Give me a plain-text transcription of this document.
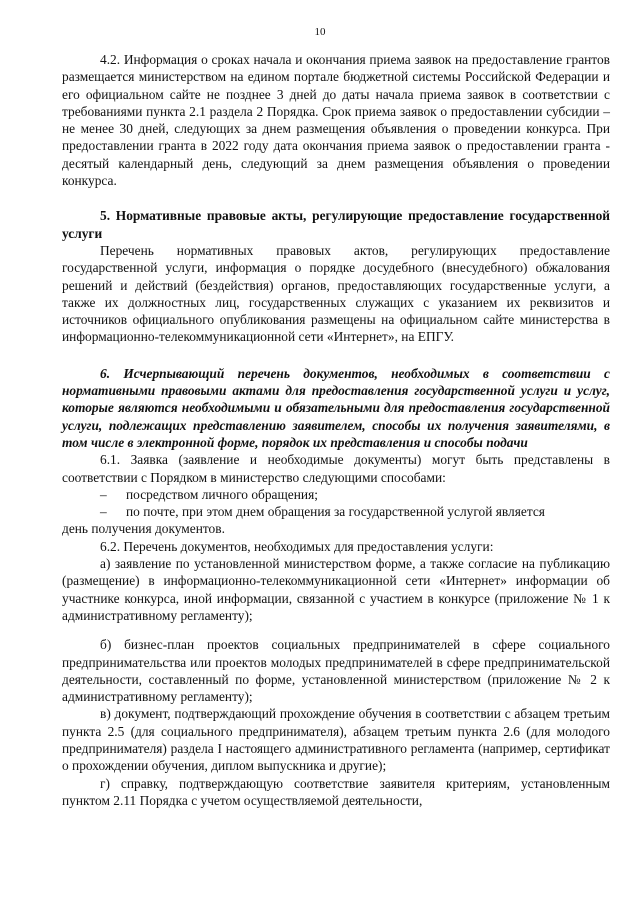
10

4.2. Информация о сроках начала и окончания приема заявок на предоставление грантов размещается министерством на едином портале бюджетной системы Российской Федерации и его официальном сайте не позднее 3 дней до даты начала приема заявок в соответствии с требованиями пункта 2.1 раздела 2 Порядка. Срок приема заявок о предоставлении субсидии – не менее 30 дней, следующих за днем размещения объявления о проведении конкурса. При предоставлении гранта в 2022 году дата окончания приема заявок о предоставлении гранта - десятый календарный день, следующий за днем размещения объявления о проведении конкурса.

5. Нормативные правовые акты, регулирующие предоставление государственной услуги

Перечень нормативных правовых актов, регулирующих предоставление государственной услуги, информация о порядке досудебного (внесудебного) обжалования решений и действий (бездействия) органов, предоставляющих государственные услуги, а также их должностных лиц, государственных служащих с указанием их реквизитов и источников официального опубликования размещены на официальном сайте министерства в информационно-телекоммуникационной сети «Интернет», на ЕПГУ.

6. Исчерпывающий перечень документов, необходимых в соответствии с нормативными правовыми актами для предоставления государственной услуги и услуг, которые являются необходимыми и обязательными для предоставления государственной услуги, подлежащих представлению заявителем, способы их получения заявителями, в том числе в электронной форме, порядок их представления и способы подачи

6.1. Заявка (заявление и необходимые документы) могут быть представлены в соответствии с Порядком в министерство следующими способами:

–	посредством личного обращения;
–	по почте, при этом днем обращения за государственной услугой является

день получения документов.

6.2. Перечень документов, необходимых для предоставления услуги:

а) заявление по установленной министерством форме, а также согласие на публикацию (размещение) в информационно-телекоммуникационной сети «Интернет» информации об участнике конкурса, иной информации, связанной с участием в конкурсе (приложение № 1 к административному регламенту);

б) бизнес-план проектов социальных предпринимателей в сфере социального предпринимательства или проектов молодых предпринимателей в сфере предпринимательской деятельности, составленный по форме, установленной министерством (приложение № 2 к административному регламенту);

в) документ, подтверждающий прохождение обучения в соответствии с абзацем третьим пункта 2.5 (для социального предпринимателя), абзацем третьим пункта 2.6 (для молодого предпринимателя) раздела I настоящего административного регламента (например, сертификат о прохождении обучения, диплом выпускника и другие);

г) справку, подтверждающую соответствие заявителя критериям, установленным пунктом 2.11 Порядка с учетом осуществляемой деятельности,
